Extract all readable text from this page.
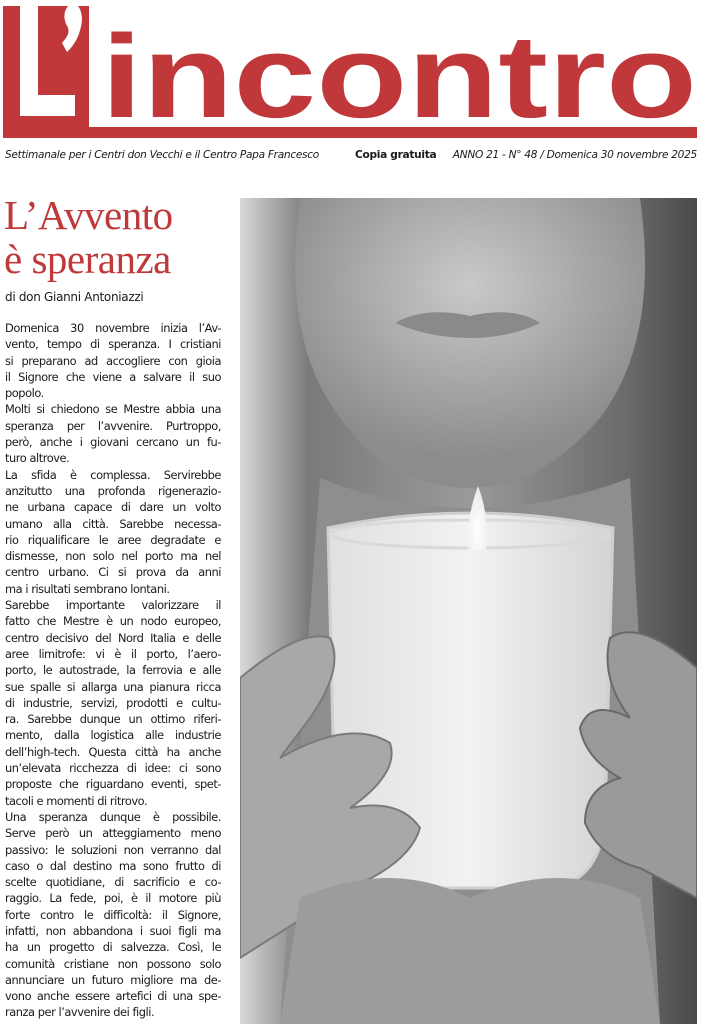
incontro
Settimanale per i Centri don Vecchi e il Centro Papa Francesco	Copia gratuita ANNO 21 - N° 48 / Domenica 30 novembre 2025
L’Avvento
è speranza
di don Gianni Antoniazzi
Domenica 30 novembre inizia l’Av-
vento, tempo di speranza. I cristiani
si preparano ad accogliere con gioia
il Signore che viene a salvare il suo
popolo.
Molti si chiedono se Mestre abbia una
speranza per l’avvenire. Purtroppo,
però, anche i giovani cercano un fu-
turo altrove.
La sfida è complessa. Servirebbe
anzitutto una profonda rigenerazio-
ne urbana capace di dare un volto
umano alla città. Sarebbe necessa-
rio riqualificare le aree degradate e
dismesse, non solo nel porto ma nel
centro urbano. Ci si prova da anni
ma i risultati sembrano lontani.
Sarebbe importante valorizzare il
fatto che Mestre è un nodo europeo,
centro decisivo del Nord Italia e delle
aree limitrofe: vi è il porto, l’aero-
porto, le autostrade, la ferrovia e alle
sue spalle si allarga una pianura ricca
di industrie, servizi, prodotti e cultu-
ra. Sarebbe dunque un ottimo riferi-
mento, dalla logistica alle industrie
dell’high-tech. Questa città ha anche
un’elevata ricchezza di idee: ci sono
proposte che riguardano eventi, spet-
tacoli e momenti di ritrovo.
Una speranza dunque è possibile.
Serve però un atteggiamento meno
passivo: le soluzioni non verranno dal
caso o dal destino ma sono frutto di
scelte quotidiane, di sacrificio e co-
raggio. La fede, poi, è il motore più
forte contro le difficoltà: il Signore,
infatti, non abbandona i suoi figli ma
ha un progetto di salvezza. Così, le
comunità cristiane non possono solo
annunciare un futuro migliore ma de-
vono anche essere artefici di una spe-
ranza per l’avvenire dei figli.
